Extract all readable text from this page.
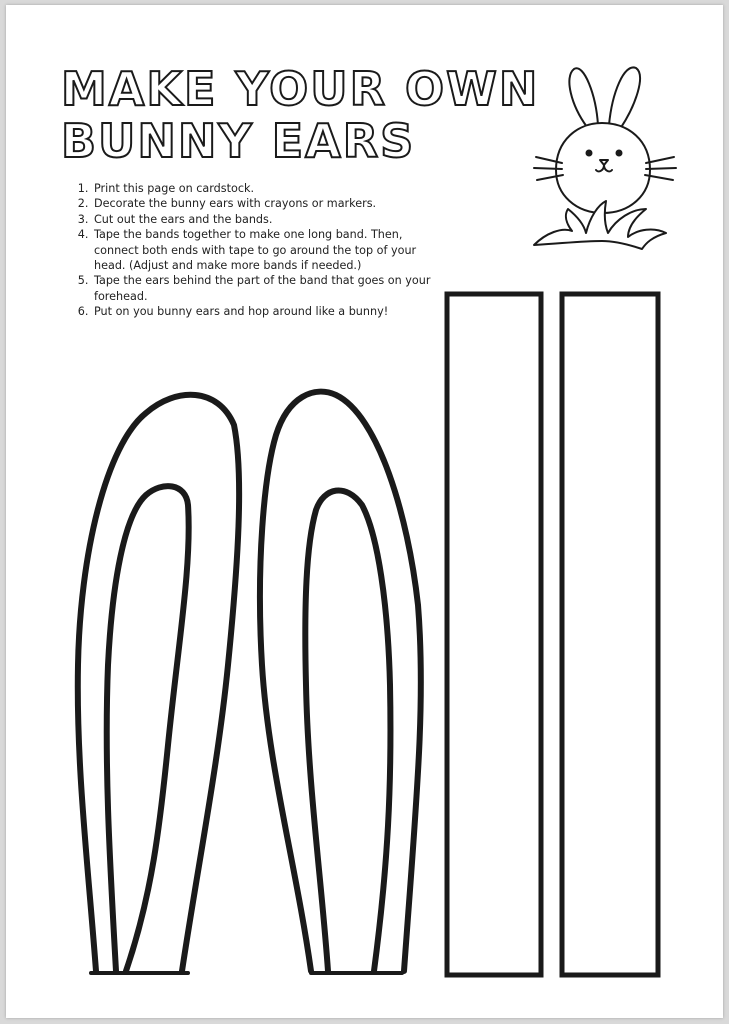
MAKE YOUR OWN
BUNNY EARS
1. Print this page on cardstock.
2. Decorate the bunny ears with crayons or markers.
3. Cut out the ears and the bands.
4. Tape the bands together to make one long band. Then, connect both ends with tape to go around the top of your head. (Adjust and make more bands if needed.)
5. Tape the ears behind the part of the band that goes on your forehead.
6. Put on you bunny ears and hop around like a bunny!
